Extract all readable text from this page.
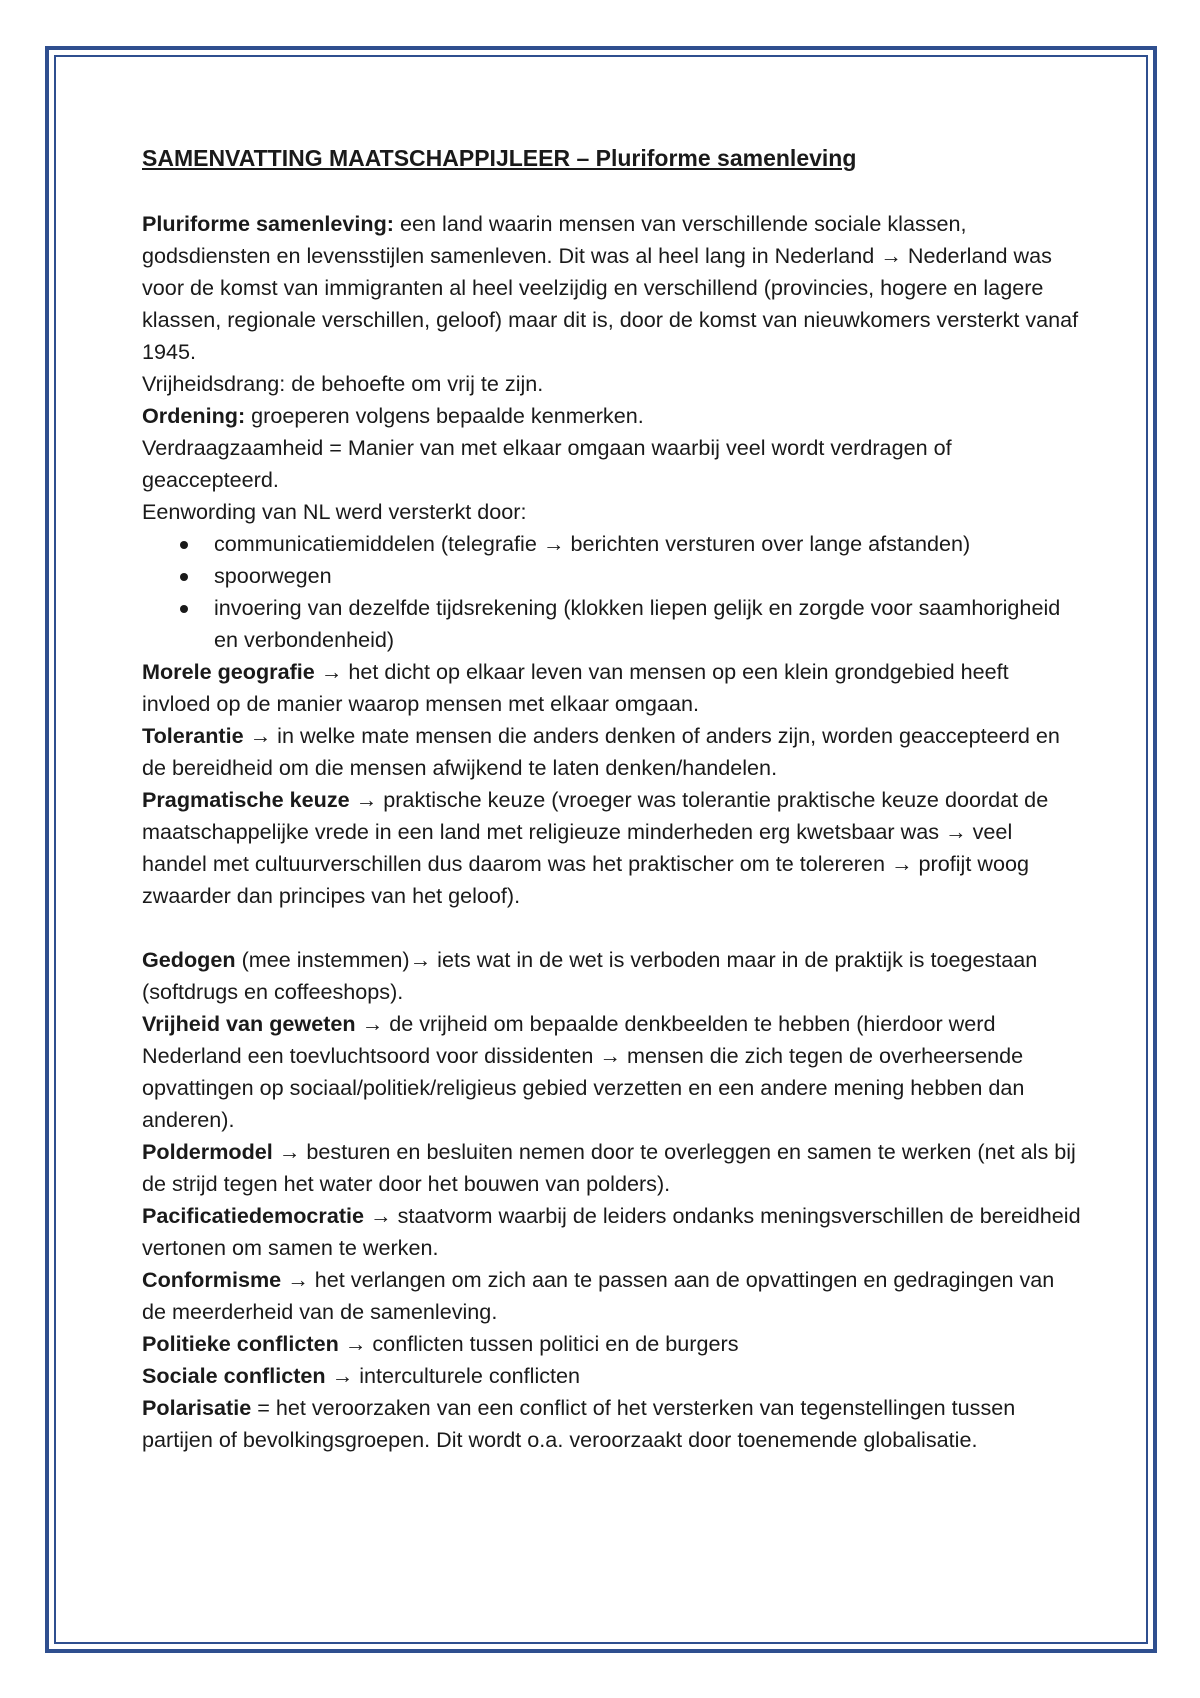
SAMENVATTING MAATSCHAPPIJLEER – Pluriforme samenleving

Pluriforme samenleving: een land waarin mensen van verschillende sociale klassen, godsdiensten en levensstijlen samenleven. Dit was al heel lang in Nederland → Nederland was voor de komst van immigranten al heel veelzijdig en verschillend (provincies, hogere en lagere klassen, regionale verschillen, geloof) maar dit is, door de komst van nieuwkomers versterkt vanaf 1945.

Vrijheidsdrang: de behoefte om vrij te zijn.

Ordening: groeperen volgens bepaalde kenmerken.

Verdraagzaamheid = Manier van met elkaar omgaan waarbij veel wordt verdragen of geaccepteerd.

Eenwording van NL werd versterkt door:

communicatiemiddelen (telegrafie → berichten versturen over lange afstanden)
spoorwegen
invoering van dezelfde tijdsrekening (klokken liepen gelijk en zorgde voor saamhorigheid en verbondenheid)

Morele geografie → het dicht op elkaar leven van mensen op een klein grondgebied heeft invloed op de manier waarop mensen met elkaar omgaan.

Tolerantie → in welke mate mensen die anders denken of anders zijn, worden geaccepteerd en de bereidheid om die mensen afwijkend te laten denken/handelen.

Pragmatische keuze → praktische keuze (vroeger was tolerantie praktische keuze doordat de maatschappelijke vrede in een land met religieuze minderheden erg kwetsbaar was → veel handel met cultuurverschillen dus daarom was het praktischer om te tolereren → profijt woog zwaarder dan principes van het geloof).

Gedogen (mee instemmen)→ iets wat in de wet is verboden maar in de praktijk is toegestaan (softdrugs en coffeeshops).

Vrijheid van geweten → de vrijheid om bepaalde denkbeelden te hebben (hierdoor werd Nederland een toevluchtsoord voor dissidenten → mensen die zich tegen de overheersende opvattingen op sociaal/politiek/religieus gebied verzetten en een andere mening hebben dan anderen).

Poldermodel → besturen en besluiten nemen door te overleggen en samen te werken (net als bij de strijd tegen het water door het bouwen van polders).

Pacificatiedemocratie → staatvorm waarbij de leiders ondanks meningsverschillen de bereidheid vertonen om samen te werken.

Conformisme → het verlangen om zich aan te passen aan de opvattingen en gedragingen van de meerderheid van de samenleving.

Politieke conflicten → conflicten tussen politici en de burgers

Sociale conflicten → interculturele conflicten

Polarisatie = het veroorzaken van een conflict of het versterken van tegenstellingen tussen partijen of bevolkingsgroepen. Dit wordt o.a. veroorzaakt door toenemende globalisatie.
